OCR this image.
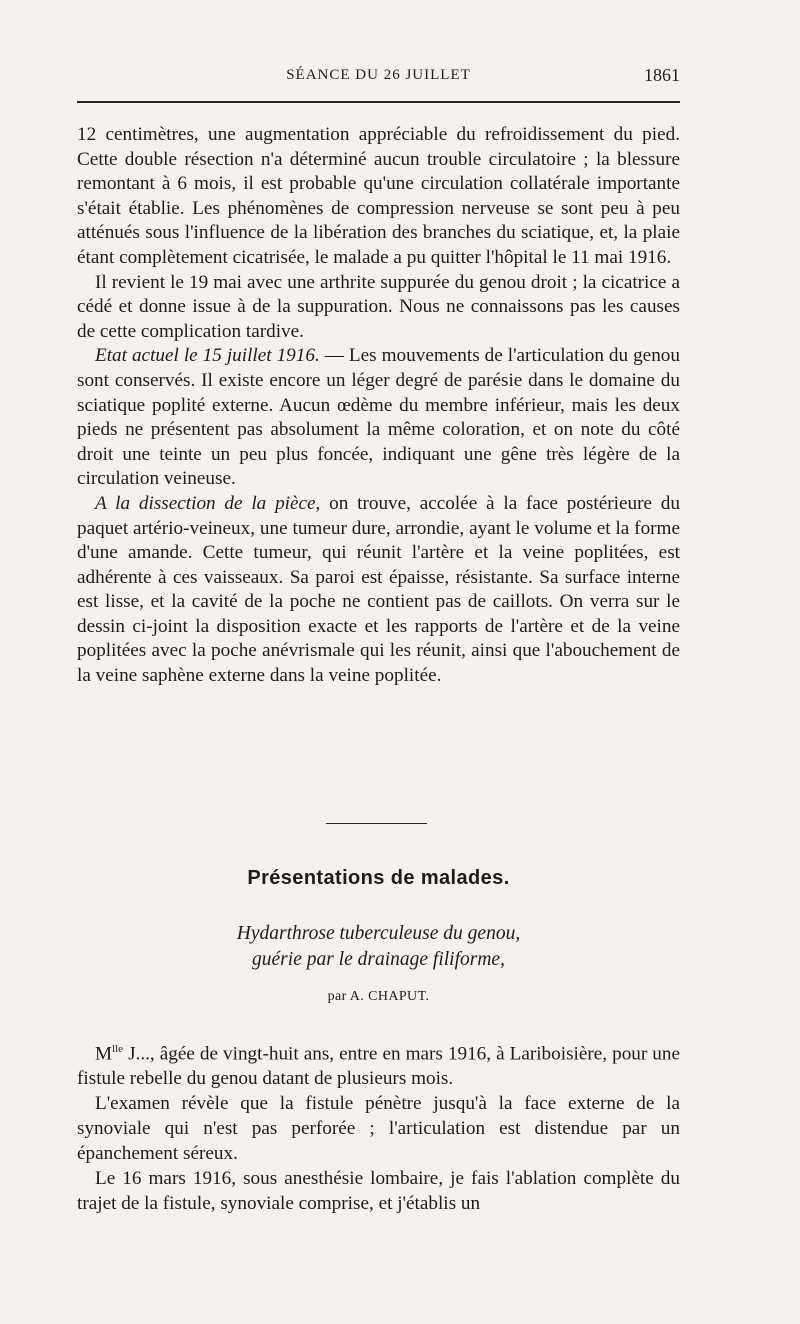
SÉANCE DU 26 JUILLET	1861

12 centimètres, une augmentation appréciable du refroidissement du pied. Cette double résection n'a déterminé aucun trouble circulatoire ; la blessure remontant à 6 mois, il est probable qu'une circulation collatérale importante s'était établie. Les phénomènes de compression nerveuse se sont peu à peu atténués sous l'influence de la libération des branches du sciatique, et, la plaie étant complètement cicatrisée, le malade a pu quitter l'hôpital le 11 mai 1916.

Il revient le 19 mai avec une arthrite suppurée du genou droit ; la cicatrice a cédé et donne issue à de la suppuration. Nous ne connaissons pas les causes de cette complication tardive.

Etat actuel le 15 juillet 1916. — Les mouvements de l'articulation du genou sont conservés. Il existe encore un léger degré de parésie dans le domaine du sciatique poplité externe. Aucun œdème du membre inférieur, mais les deux pieds ne présentent pas absolument la même coloration, et on note du côté droit une teinte un peu plus foncée, indiquant une gêne très légère de la circulation veineuse.

A la dissection de la pièce, on trouve, accolée à la face postérieure du paquet artério-veineux, une tumeur dure, arrondie, ayant le volume et la forme d'une amande. Cette tumeur, qui réunit l'artère et la veine poplitées, est adhérente à ces vaisseaux. Sa paroi est épaisse, résistante. Sa surface interne est lisse, et la cavité de la poche ne contient pas de caillots. On verra sur le dessin ci-joint la disposition exacte et les rapports de l'artère et de la veine poplitées avec la poche anévrismale qui les réunit, ainsi que l'abouchement de la veine saphène externe dans la veine poplitée.

Présentations de malades.
Hydarthrose tuberculeuse du genou,
guérie par le drainage filiforme,
par A. CHAPUT.

$M^{lle}$ J..., âgée de vingt-huit ans, entre en mars 1916, à Lariboisière, pour une fistule rebelle du genou datant de plusieurs mois.

L'examen révèle que la fistule pénètre jusqu'à la face externe de la synoviale qui n'est pas perforée ; l'articulation est distendue par un épanchement séreux.

Le 16 mars 1916, sous anesthésie lombaire, je fais l'ablation complète du trajet de la fistule, synoviale comprise, et j'établis un
